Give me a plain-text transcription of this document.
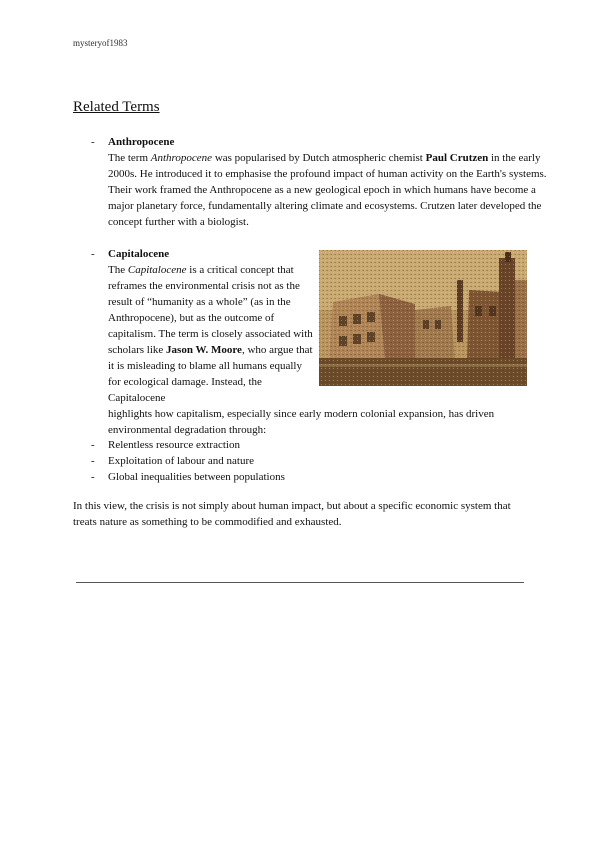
mysteryof1983
Related Terms
- Anthropocene

The term Anthropocene was popularised by Dutch atmospheric chemist Paul Crutzen in the early 2000s. He introduced it to emphasise the profound impact of human activity on the Earth's systems. Their work framed the Anthropocene as a new geological epoch in which humans have become a major planetary force, fundamentally altering climate and ecosystems. Crutzen later developed the concept further with a biologist.

- Capitalocene

The Capitalocene is a critical concept that reframes the environmental crisis not as the result of “humanity as a whole” (as in the Anthropocene), but as the outcome of capitalism. The term is closely associated with scholars like Jason W. Moore, who argue that it is misleading to blame all humans equally for ecological damage. Instead, the Capitalocene

highlights how capitalism, especially since early modern colonial expansion, has driven environmental degradation through:

- Relentless resource extraction
- Exploitation of labour and nature
- Global inequalities between populations

In this view, the crisis is not simply about human impact, but about a specific economic system that treats nature as something to be commodified and exhausted.
